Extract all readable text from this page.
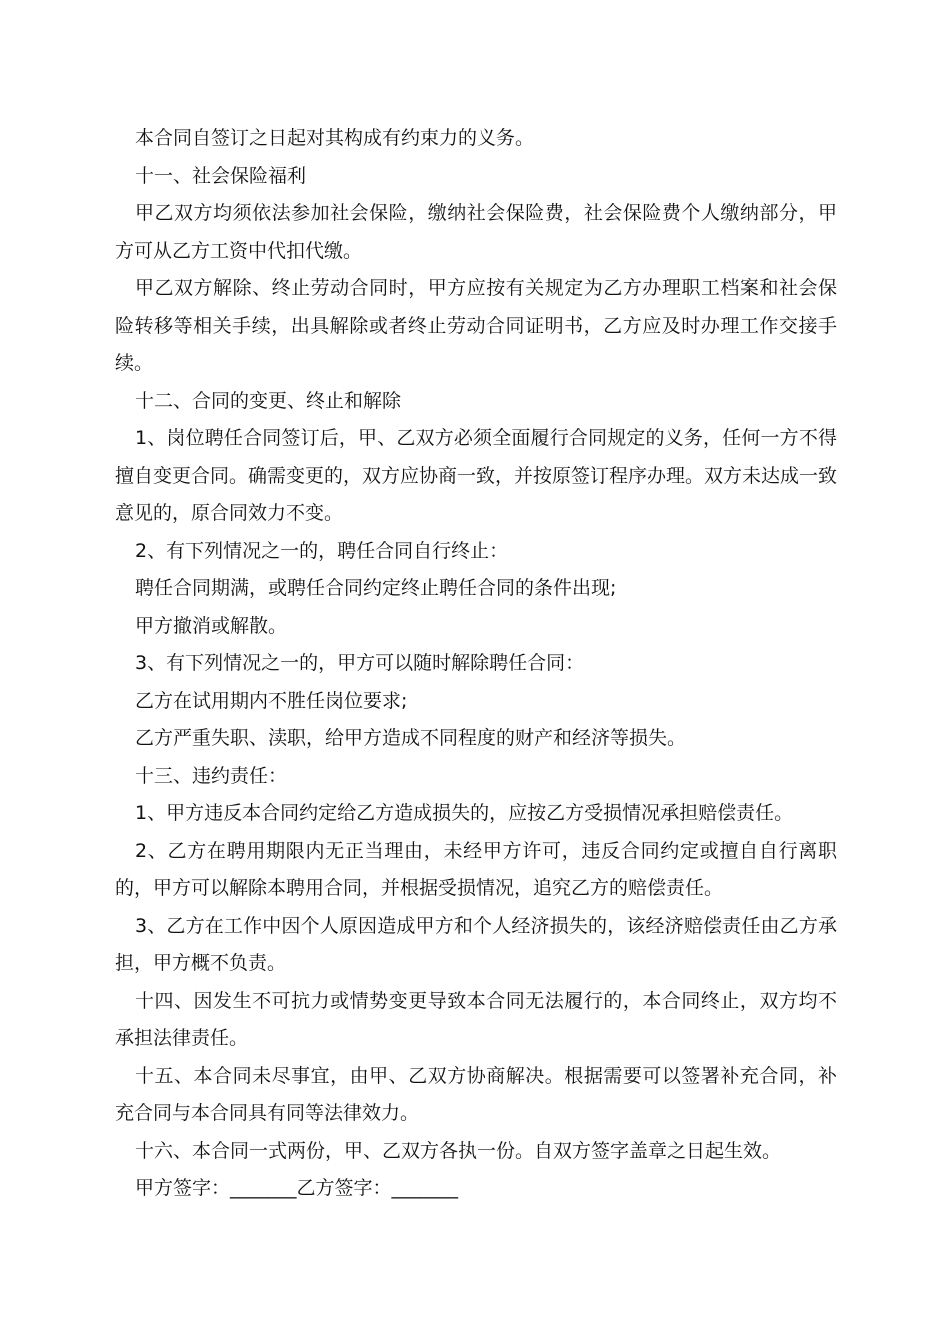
本合同自签订之日起对其构成有约束力的义务。

十一、社会保险福利

甲乙双方均须依法参加社会保险，缴纳社会保险费，社会保险费个人缴纳部分，甲方可从乙方工资中代扣代缴。

甲乙双方解除、终止劳动合同时，甲方应按有关规定为乙方办理职工档案和社会保险转移等相关手续，出具解除或者终止劳动合同证明书，乙方应及时办理工作交接手续。

十二、合同的变更、终止和解除

1、岗位聘任合同签订后，甲、乙双方必须全面履行合同规定的义务，任何一方不得擅自变更合同。确需变更的，双方应协商一致，并按原签订程序办理。双方未达成一致意见的，原合同效力不变。

2、有下列情况之一的，聘任合同自行终止：

聘任合同期满，或聘任合同约定终止聘任合同的条件出现;

甲方撤消或解散。

3、有下列情况之一的，甲方可以随时解除聘任合同：

乙方在试用期内不胜任岗位要求;

乙方严重失职、渎职，给甲方造成不同程度的财产和经济等损失。

十三、违约责任：

1、甲方违反本合同约定给乙方造成损失的，应按乙方受损情况承担赔偿责任。

2、乙方在聘用期限内无正当理由，未经甲方许可，违反合同约定或擅自自行离职的，甲方可以解除本聘用合同，并根据受损情况，追究乙方的赔偿责任。

3、乙方在工作中因个人原因造成甲方和个人经济损失的，该经济赔偿责任由乙方承担，甲方概不负责。

十四、因发生不可抗力或情势变更导致本合同无法履行的，本合同终止，双方均不承担法律责任。

十五、本合同未尽事宜，由甲、乙双方协商解决。根据需要可以签署补充合同，补充合同与本合同具有同等法律效力。

十六、本合同一式两份，甲、乙双方各执一份。自双方签字盖章之日起生效。

甲方签字：_______乙方签字：_______
